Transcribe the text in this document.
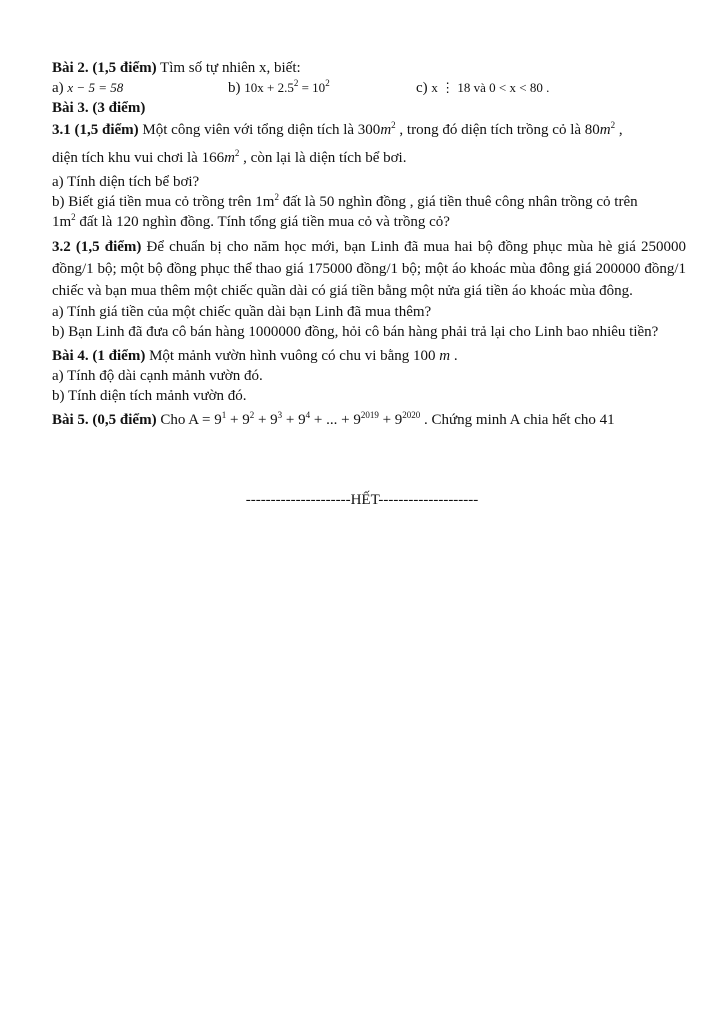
Bài 2. (1,5 điểm) Tìm số tự nhiên x, biết:
a) x − 5 = 58	b) $10x + 2.5^2 = 10^2$	c) x ⋮ 18 và 0 < x < 80 .
Bài 3. (3 điểm)
3.1 (1,5 điểm) Một công viên với tổng diện tích là $300m^2$ , trong đó diện tích trồng cỏ là $80m^2$ ,
diện tích khu vui chơi là $166m^2$ , còn lại là diện tích bể bơi.
a) Tính diện tích bể bơi?
b) Biết giá tiền mua cỏ trồng trên $1m^2$ đất là 50 nghìn đồng , giá tiền thuê công nhân trồng cỏ trên
$1m^2$ đất là 120 nghìn đồng. Tính tổng giá tiền mua cỏ và trồng cỏ?
3.2 (1,5 điểm) Để chuẩn bị cho năm học mới, bạn Linh đã mua hai bộ đồng phục mùa hè giá 250000 đồng/1 bộ; một bộ đồng phục thể thao giá 175000 đồng/1 bộ; một áo khoác mùa đông giá 200000 đồng/1 chiếc và bạn mua thêm một chiếc quần dài có giá tiền bằng một nửa giá tiền áo khoác mùa đông.
a) Tính giá tiền của một chiếc quần dài bạn Linh đã mua thêm?
b) Bạn Linh đã đưa cô bán hàng 1000000 đồng, hỏi cô bán hàng phải trả lại cho Linh bao nhiêu tiền?
Bài 4. (1 điểm) Một mảnh vườn hình vuông có chu vi bằng 100 m .
a) Tính độ dài cạnh mảnh vườn đó.
b) Tính diện tích mảnh vườn đó.
Bài 5. (0,5 điểm) Cho $A = 9^1 + 9^2 + 9^3 + 9^4$ + ... + $9^{2019} + 9^{2020}$ . Chứng minh A chia hết cho 41
---------------------HẾT--------------------
